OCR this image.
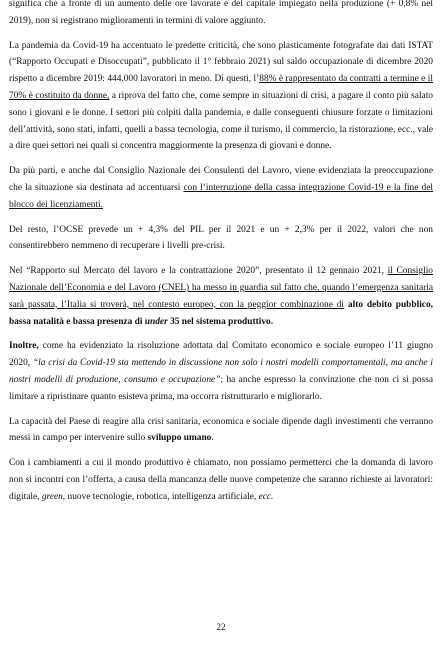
significa che a fronte di un aumento delle ore lavorate e del capitale impiegato nella produzione (+ 0,8% nel 2019), non si registrano miglioramenti in termini di valore aggiunto.

La pandemia da Covid-19 ha accentuato le predette criticità, che sono plasticamente fotografate dai dati ISTAT (“Rapporto Occupati e Disoccupati”, pubblicato il 1° febbraio 2021) sul saldo occupazionale di dicembre 2020 rispetto a dicembre 2019: 444.000 lavoratori in meno. Di questi, l’88% è rappresentato da contratti a termine e il 70% è costituito da donne, a riprova del fatto che, come sempre in situazioni di crisi, a pagare il conto più salato sono i giovani e le donne. I settori più colpiti dalla pandemia, e dalle conseguenti chiusure forzate o limitazioni dell’attività, sono stati, infatti, quelli a bassa tecnologia, come il turismo, il commercio, la ristorazione, ecc., vale a dire quei settori nei quali si concentra maggiormente la presenza di giovani e donne.

Da più parti, e anche dal Consiglio Nazionale dei Consulenti del Lavoro, viene evidenziata la preoccupazione che la situazione sia destinata ad accentuarsi con l’interruzione della cassa integrazione Covid-19 e la fine del blocco dei licenziamenti.

Del resto, l’OCSE prevede un + 4,3% del PIL per il 2021 e un + 2,3% per il 2022, valori che non consentirebbero nemmeno di recuperare i livelli pre-crisi.

Nel “Rapporto sul Mercato del lavoro e la contrattazione 2020”, presentato il 12 gennaio 2021, il Consiglio Nazionale dell’Economia e del Lavoro (CNEL) ha messo in guardia sul fatto che, quando l’emergenza sanitaria sarà passata, l’Italia si troverà, nel contesto europeo, con la peggior combinazione di alto debito pubblico, bassa natalità e bassa presenza di under 35 nel sistema produttivo.

Inoltre, come ha evidenziato la risoluzione adottata dal Comitato economico e sociale europeo l’11 giugno 2020, “la crisi da Covid-19 sta mettendo in discussione non solo i nostri modelli comportamentali, ma anche i nostri modelli di produzione, consumo e occupazione”; ha anche espresso la convinzione che non ci si possa limitare a ripristinare quanto esisteva prima, ma occorra ristrutturarlo e migliorarlo.

La capacità del Paese di reagire alla crisi sanitaria, economica e sociale dipende dagli investimenti che verranno messi in campo per intervenire sullo sviluppo umano.

Con i cambiamenti a cui il mondo produttivo è chiamato, non possiamo permetterci che la domanda di lavoro non si incontri con l’offerta, a causa della mancanza delle nuove competenze che saranno richieste ai lavoratori: digitale, green, nuove tecnologie, robotica, intelligenza artificiale, ecc.

22
